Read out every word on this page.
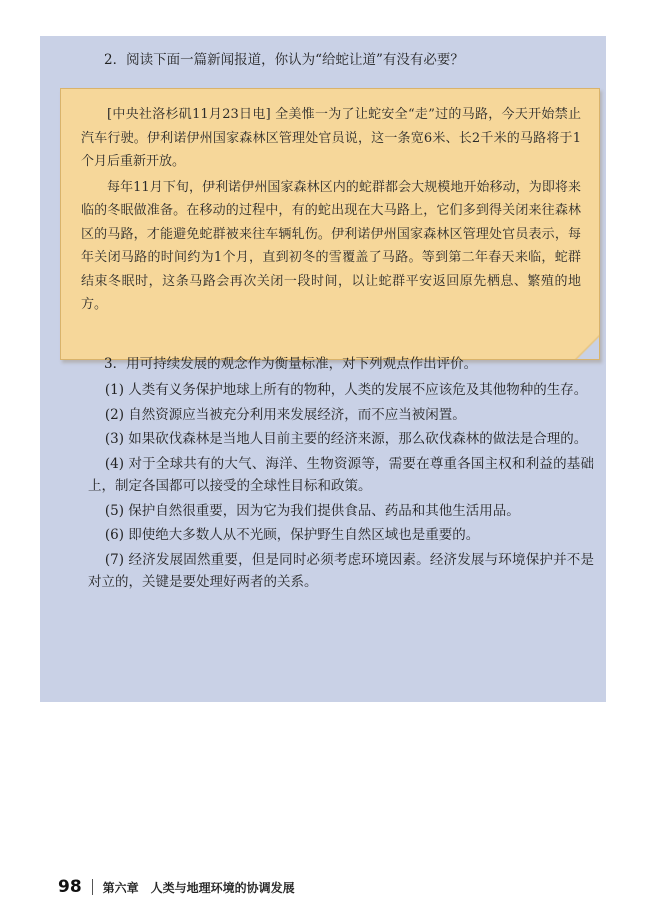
2．阅读下面一篇新闻报道，你认为“给蛇让道”有没有必要？

[中央社洛杉矶11月23日电] 全美惟一为了让蛇安全“走”过的马路，今天开始禁止汽车行驶。伊利诺伊州国家森林区管理处官员说，这一条宽6米、长2千米的马路将于1个月后重新开放。

每年11月下旬，伊利诺伊州国家森林区内的蛇群都会大规模地开始移动，为即将来临的冬眠做准备。在移动的过程中，有的蛇出现在大马路上，它们多到得关闭来往森林区的马路，才能避免蛇群被来往车辆轧伤。伊利诺伊州国家森林区管理处官员表示，每年关闭马路的时间约为1个月，直到初冬的雪覆盖了马路。等到第二年春天来临，蛇群结束冬眠时，这条马路会再次关闭一段时间，以让蛇群平安返回原先栖息、繁殖的地方。

3．用可持续发展的观念作为衡量标准，对下列观点作出评价。

(1) 人类有义务保护地球上所有的物种，人类的发展不应该危及其他物种的生存。

(2) 自然资源应当被充分利用来发展经济，而不应当被闲置。

(3) 如果砍伐森林是当地人目前主要的经济来源，那么砍伐森林的做法是合理的。

(4) 对于全球共有的大气、海洋、生物资源等，需要在尊重各国主权和利益的基础上，制定各国都可以接受的全球性目标和政策。

(5) 保护自然很重要，因为它为我们提供食品、药品和其他生活用品。

(6) 即使绝大多数人从不光顾，保护野生自然区域也是重要的。

(7) 经济发展固然重要，但是同时必须考虑环境因素。经济发展与环境保护并不是对立的，关键是要处理好两者的关系。

98 第六章　人类与地理环境的协调发展
